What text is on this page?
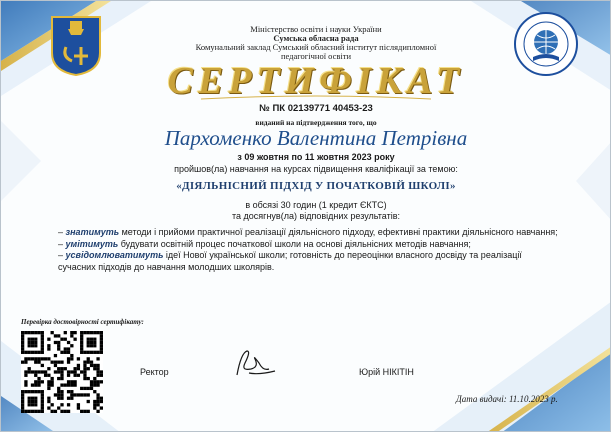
Міністерство освіти і науки України
Сумська обласна рада
Комунальний заклад Сумський обласний інститут післядипломної
педагогічної освіти
СЕРТИФІКАТ
№ ПК 02139771 40453-23
виданий на підтвердження того, що
Пархоменко Валентина Петрівна
з 09 жовтня по 11 жовтня 2023 року
пройшов(ла) навчання на курсах підвищення кваліфікації за темою:
«ДІЯЛЬНІСНИЙ ПІДХІД У ПОЧАТКОВІЙ ШКОЛІ»
в обсязі 30 годин (1 кредит ЄКТС)
та досягнув(ла) відповідних результатів:

– знатимуть методи і прийоми практичної реалізації діяльнісного підходу, ефективні практики діяльнісного навчання;

– умітимуть будувати освітній процес початкової школи на основі діяльнісних методів навчання;

– усвідомлюватимуть ідеї Нової української школи; готовність до переоцінки власного досвіду та реалізації сучасних підходів до навчання молодших школярів.

Перевірка достовірності сертифікату:
Ректор	Юрій НІКІТІН
Дата видачі: 11.10.2023 р.
